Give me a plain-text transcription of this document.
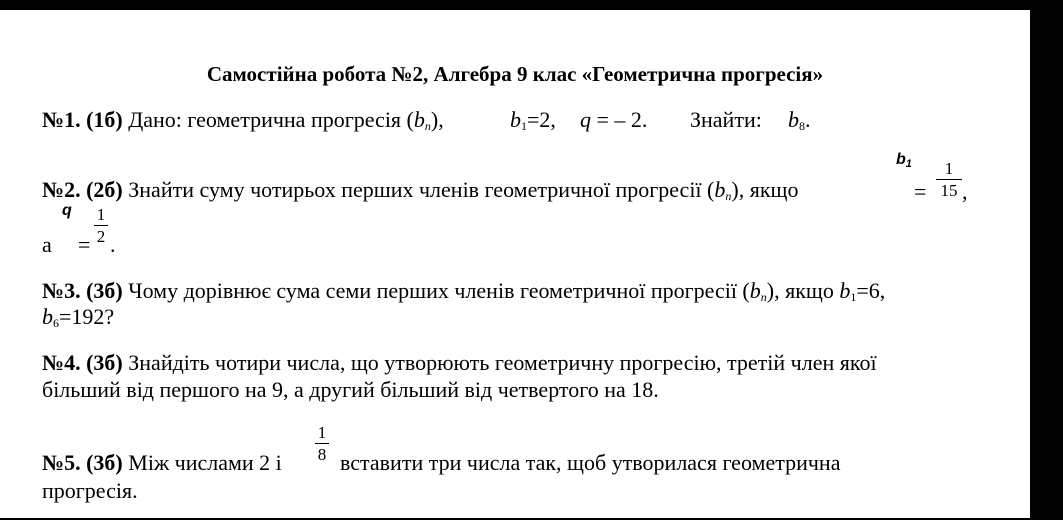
Самостійна робота №2, Алгебра 9 клас «Геометрична прогресія»
№1. (1б) Дано: геометрична прогресія $(b_n)$,	$b_1=2$, q = – 2. Знайти: $b_8$.
№2. (2б) Знайти суму чотирьох перших членів геометричної прогресії $(b_n)$, якщо
b1
=
1
15 ,
q 1
2
а = .
№3. (3б) Чому дорівнює сума семи перших членів геометричної прогресії $(b_n)$, якщо $b_1=6$,
$b_6=192$?
№4. (3б) Знайдіть чотири числа, що утворюють геометричну прогресію, третій член якої
більший від першого на 9, а другий більший від четвертого на 18.
№5. (3б) Між числами 2 і
1
8 вставити три числа так, щоб утворилася геометрична
прогресія.
